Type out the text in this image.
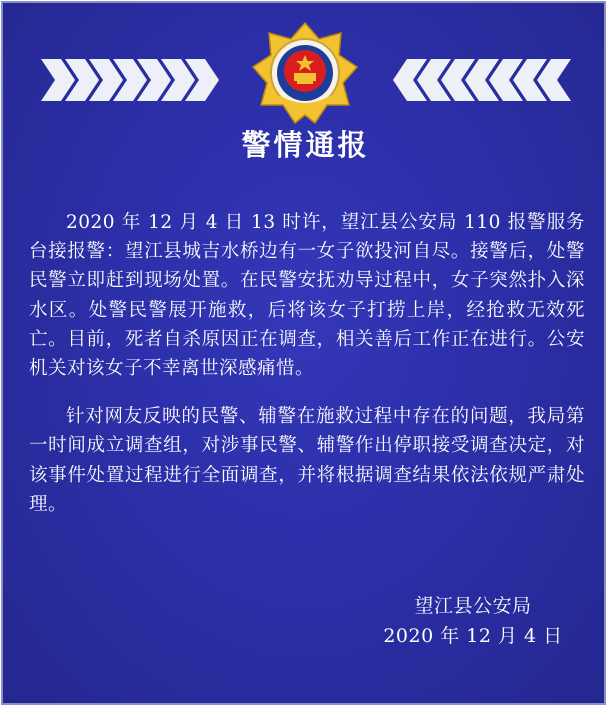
警情通报

2020 年 12 月 4 日 13 时许，望江县公安局 110 报警服务台接报警：望江县城吉水桥边有一女子欲投河自尽。接警后，处警民警立即赶到现场处置。在民警安抚劝导过程中，女子突然扑入深水区。处警民警展开施救，后将该女子打捞上岸，经抢救无效死亡。目前，死者自杀原因正在调查，相关善后工作正在进行。公安机关对该女子不幸离世深感痛惜。

针对网友反映的民警、辅警在施救过程中存在的问题，我局第一时间成立调查组，对涉事民警、辅警作出停职接受调查决定，对该事件处置过程进行全面调查，并将根据调查结果依法依规严肃处理。

望江县公安局
2020 年 12 月 4 日
